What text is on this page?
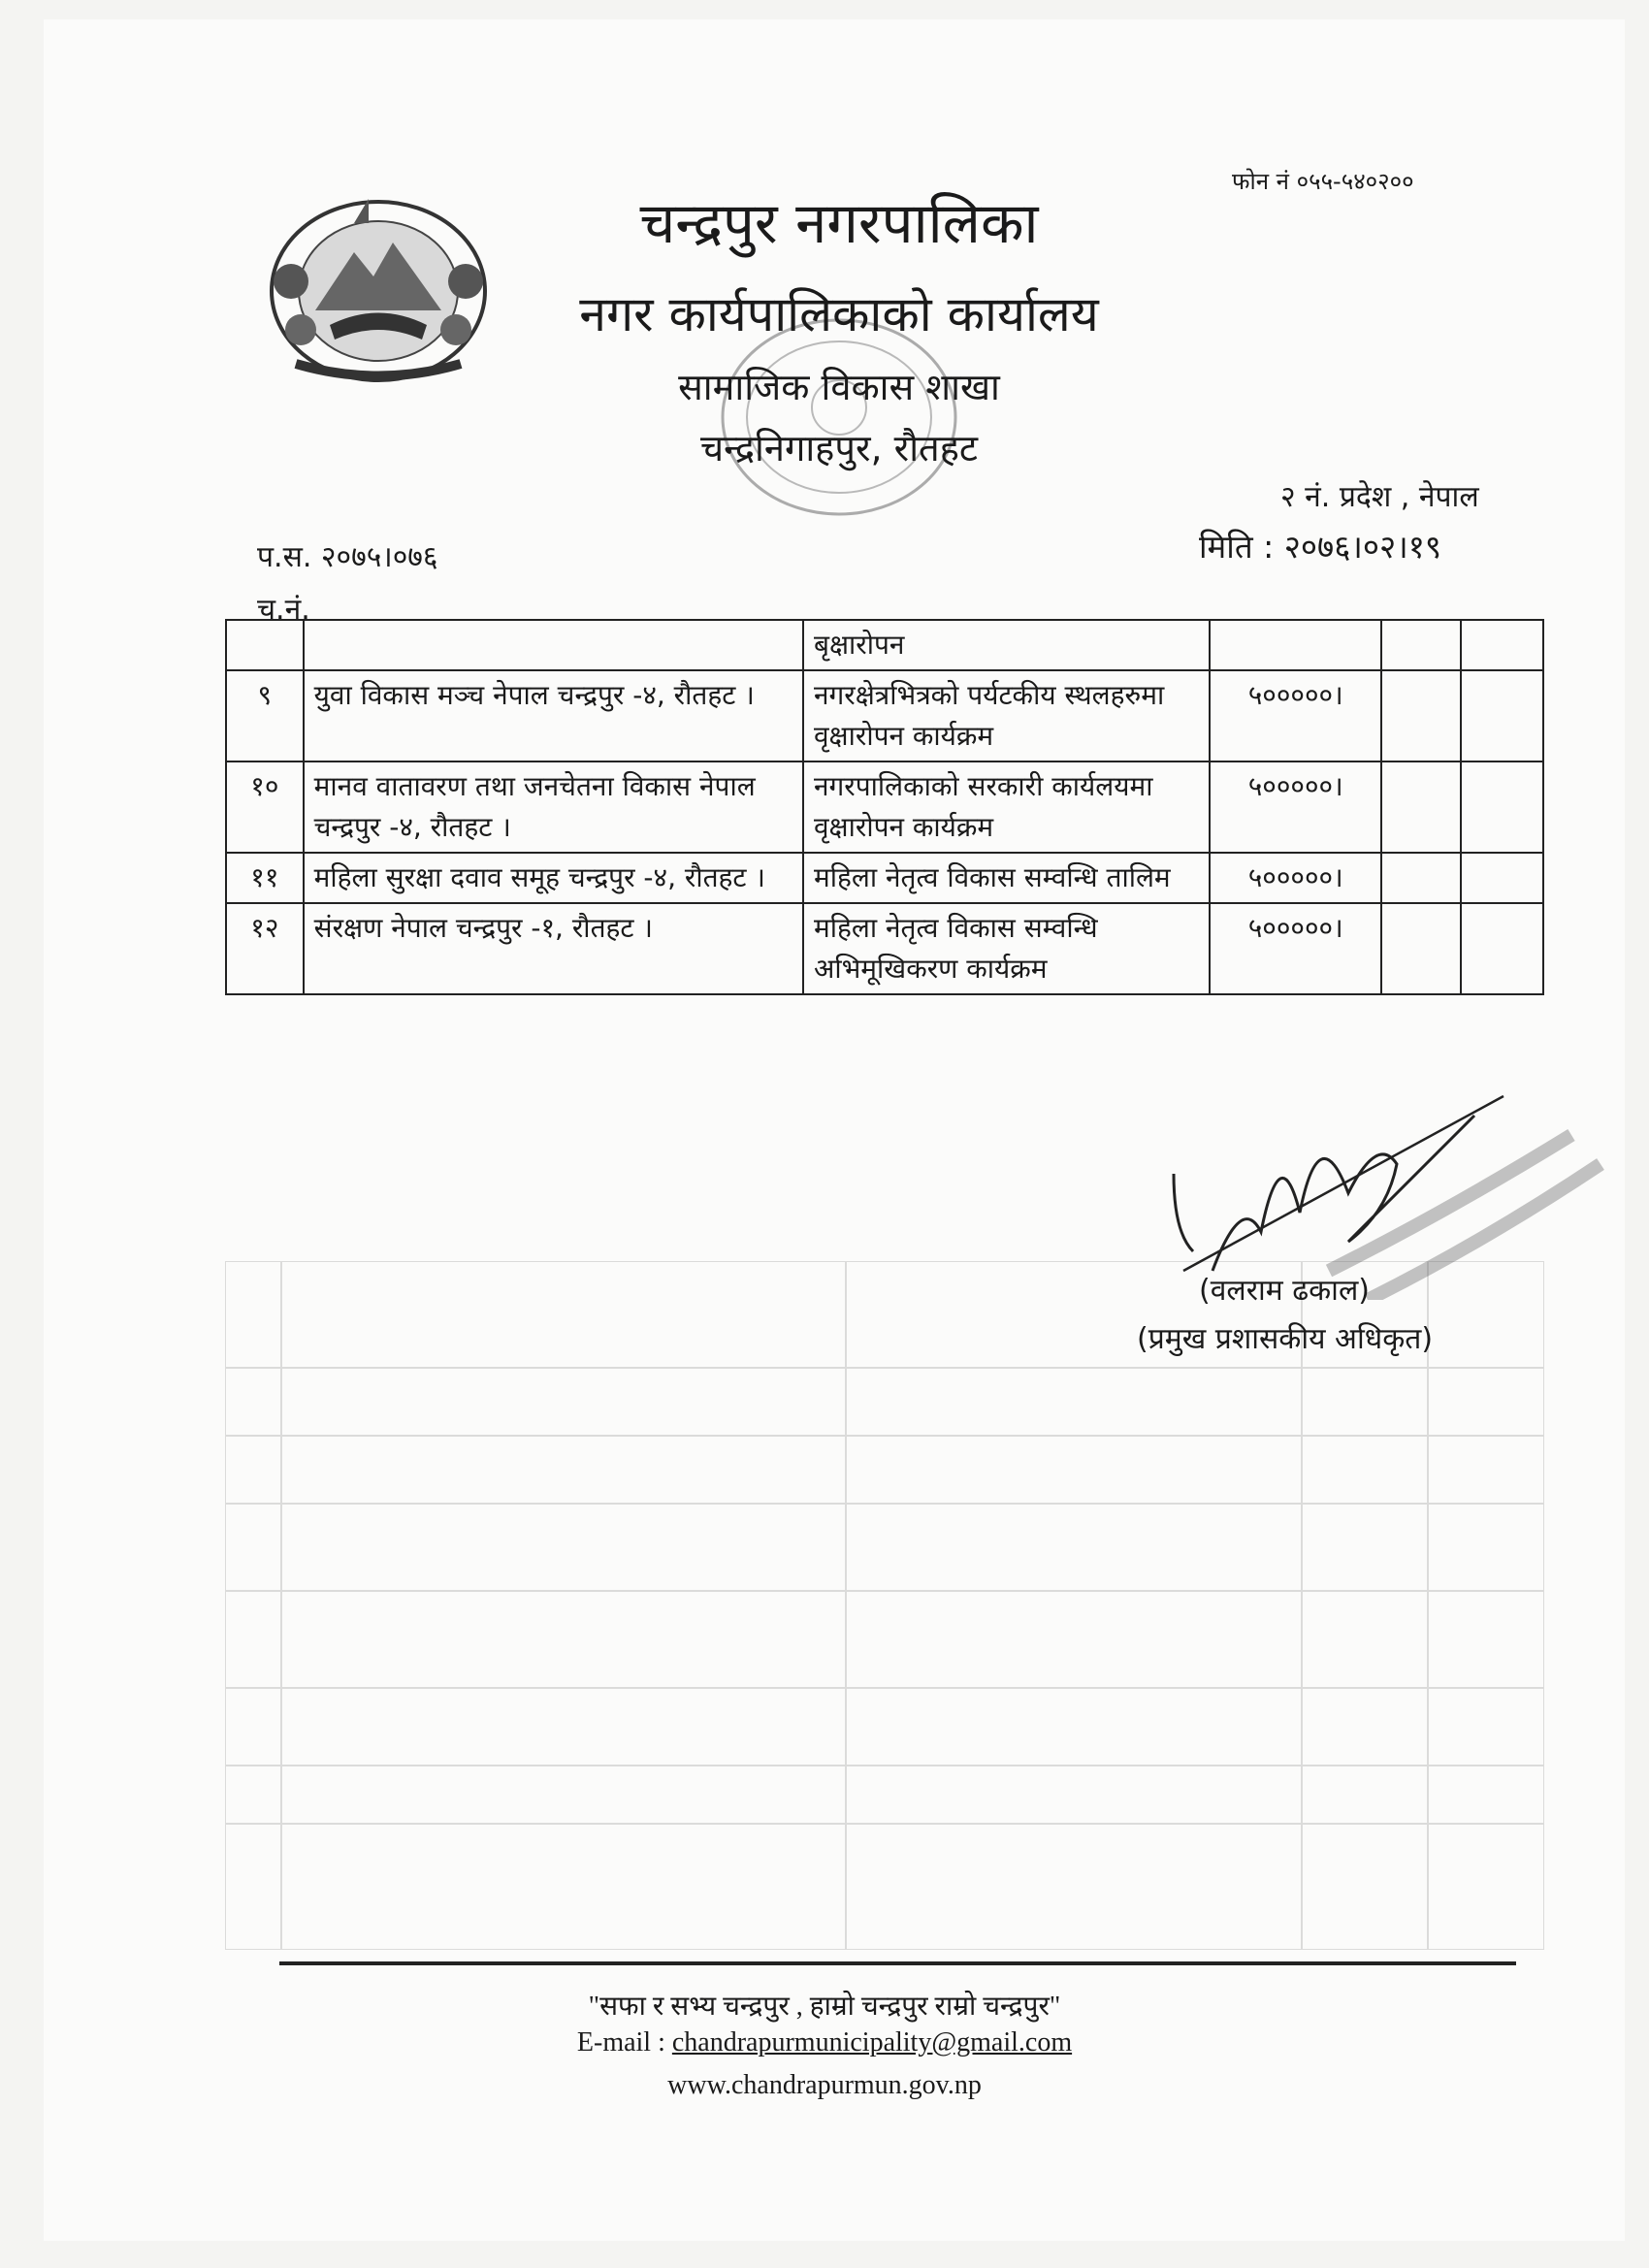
फोन नं ०५५-५४०२००
चन्द्रपुर नगरपालिका
नगर कार्यपालिकाको कार्यालय
सामाजिक विकास शाखा
चन्द्रनिगाहपुर, रौतहट
२ नं. प्रदेश , नेपाल
मिति : २०७६।०२।१९
प.स. २०७५।०७६
च.नं.
		बृक्षारोपन			
९	युवा विकास मञ्च नेपाल चन्द्रपुर -४, रौतहट ।	नगरक्षेत्रभित्रको पर्यटकीय स्थलहरुमा वृक्षारोपन कार्यक्रम	५०००००।		
१०	मानव वातावरण तथा जनचेतना विकास नेपाल चन्द्रपुर -४, रौतहट ।	नगरपालिकाको सरकारी कार्यलयमा वृक्षारोपन कार्यक्रम	५०००००।		
११	महिला सुरक्षा दवाव समूह चन्द्रपुर -४, रौतहट ।	महिला नेतृत्व विकास सम्वन्धि तालिम	५०००००।		
१२	संरक्षण नेपाल चन्द्रपुर -१, रौतहट ।	महिला नेतृत्व विकास सम्वन्धि अभिमूखिकरण कार्यक्रम	५०००००।		
(वलराम ढकाल)
(प्रमुख प्रशासकीय अधिकृत)
"सफा र सभ्य चन्द्रपुर , हाम्रो चन्द्रपुर राम्रो चन्द्रपुर"
E-mail : chandrapurmunicipality@gmail.com
www.chandrapurmun.gov.np
